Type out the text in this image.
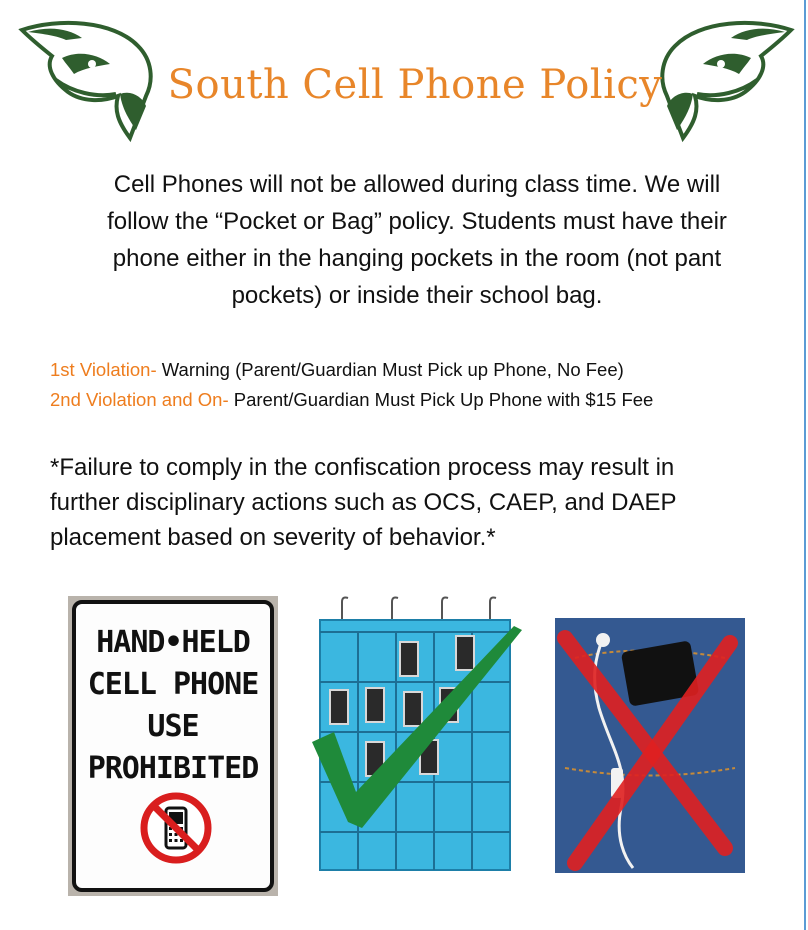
South Cell Phone Policy
Cell Phones will not be allowed during class time. We will
follow the “Pocket or Bag” policy. Students must have their
phone either in the hanging pockets in the room (not pant
pockets) or inside their school bag.
1st Violation- Warning (Parent/Guardian Must Pick up Phone, No Fee)
2nd Violation and On- Parent/Guardian Must Pick Up Phone with $15 Fee
*Failure to comply in the confiscation process may result in
further disciplinary actions such as OCS, CAEP, and DAEP
placement based on severity of behavior.*
HAND•HELD
CELL PHONE
USE
PROHIBITED
